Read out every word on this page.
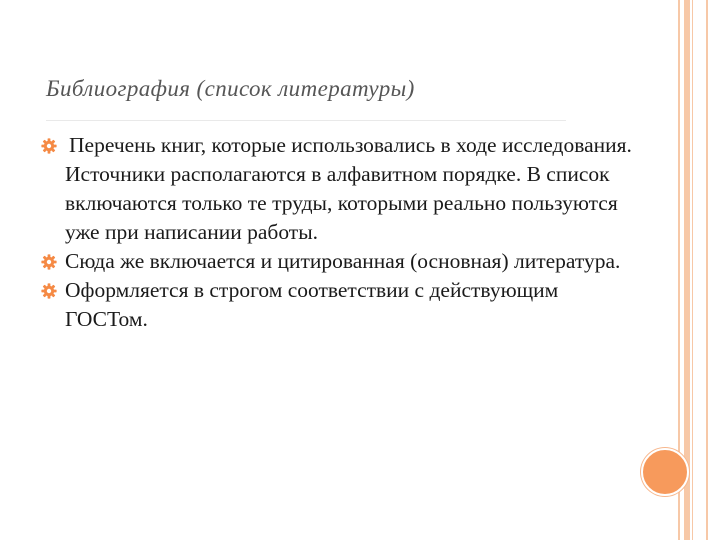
Библиография (список литературы)
Перечень книг, которые использовались в ходе исследования. Источники располагаются в алфавитном порядке. В список включаются только те труды, которыми реально пользуются уже при написании работы.
Сюда же включается и цитированная (основная) литература.
Оформляется в строгом соответствии с действующим ГОСТом.
